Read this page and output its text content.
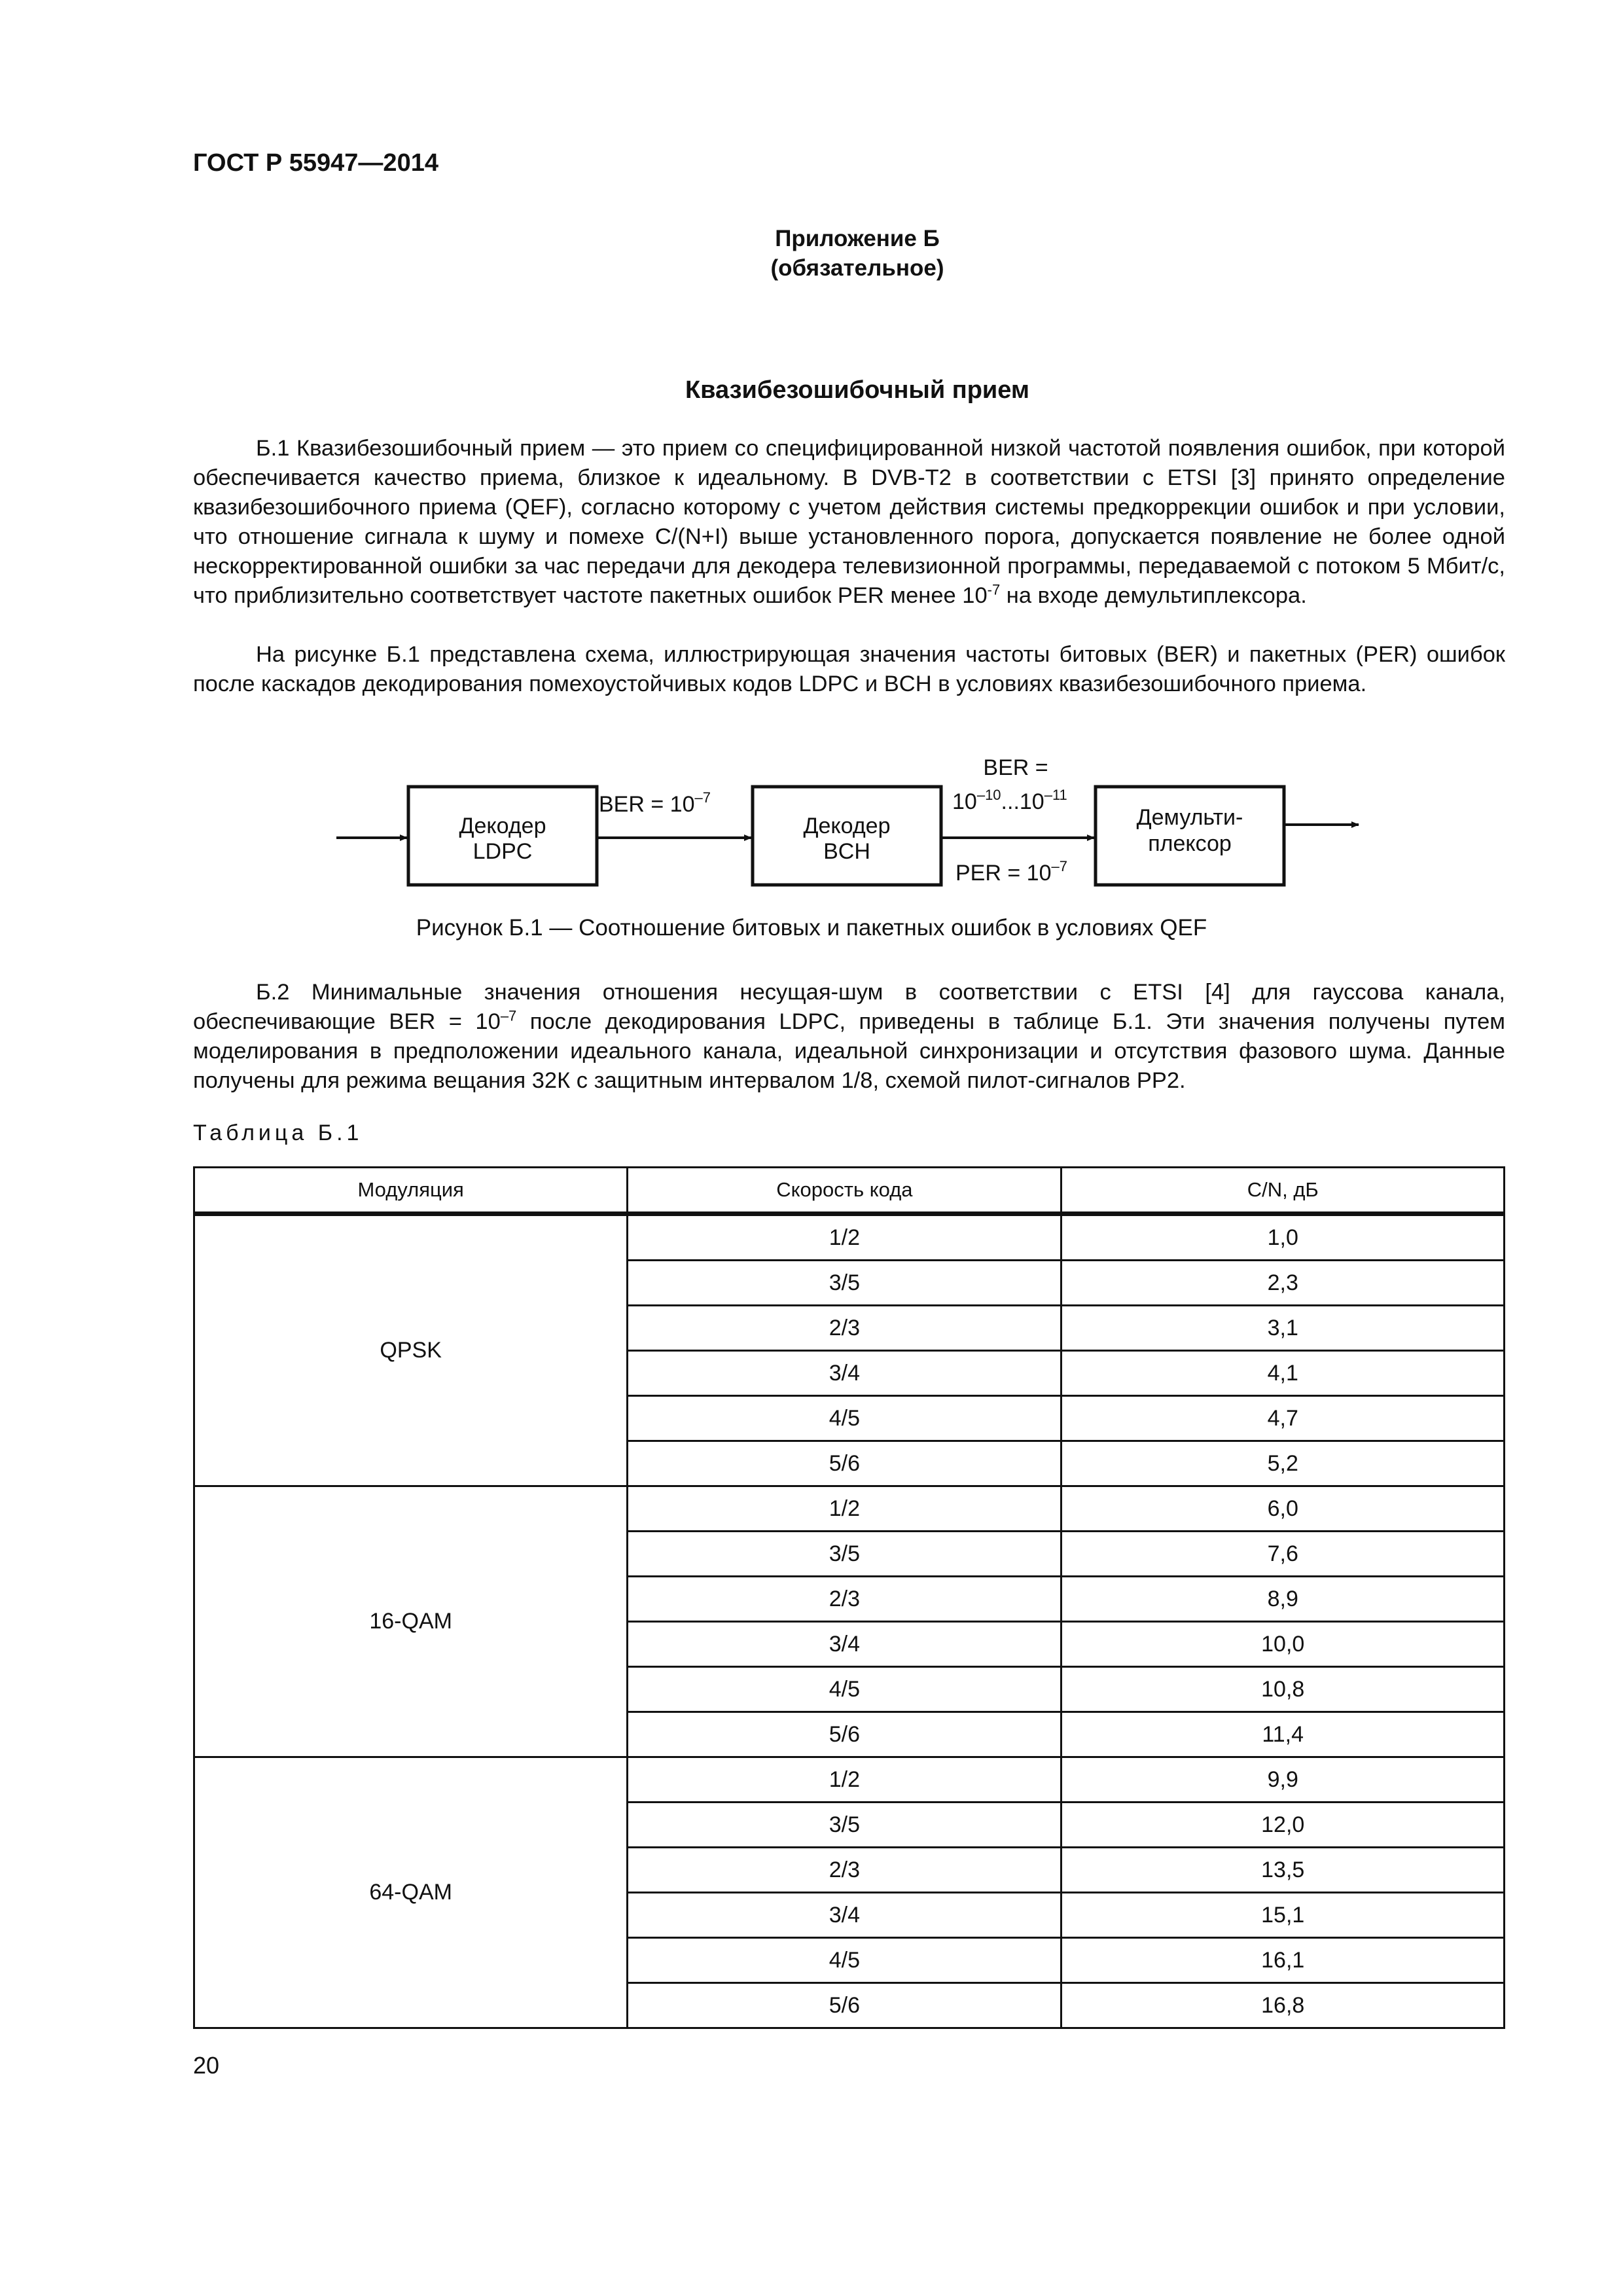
ГОСТ Р 55947—2014
Приложение Б
(обязательное)
Квазибезошибочный прием
Б.1 Квазибезошибочный прием — это прием со специфицированной низкой частотой появления ошибок, при которой обеспечивается качество приема, близкое к идеальному. В DVB-T2 в соответствии с ETSI [3] принято определение квазибезошибочного приема (QEF), согласно которому с учетом действия системы предкоррекции ошибок и при условии, что отношение сигнала к шуму и помехе C/(N+I) выше установленного порога, допускается появление не более одной нескорректированной ошибки за час передачи для декодера телевизионной программы, передаваемой с потоком 5 Мбит/с, что приблизительно соответствует частоте пакетных ошибок PER менее $10^{-7}$ на входе демультиплексора.
На рисунке Б.1 представлена схема, иллюстрирующая значения частоты битовых (BER) и пакетных (PER) ошибок после каскадов декодирования помехоустойчивых кодов LDPC и BCH в условиях квазибезошибочного приема.
Декодер
LDPC
BER = $10^{-7}$
Декодер
BCH
BER =
$10^{-10}...10^{-11}$
PER = $10^{-7}$
Демульти-
плексор
Рисунок Б.1 — Соотношение битовых и пакетных ошибок в условиях QEF
Б.2 Минимальные значения отношения несущая-шум в соответствии с ETSI [4] для гауссова канала, обеспечивающие BER = $10^{-7}$ после декодирования LDPC, приведены в таблице Б.1. Эти значения получены путем моделирования в предположении идеального канала, идеальной синхронизации и отсутствия фазового шума. Данные получены для режима вещания 32К с защитным интервалом 1/8, схемой пилот-сигналов PP2.
Таблица Б.1
Модуляция	Скорость кода	C/N, дБ
QPSK	1/2	1,0
	3/5	2,3
	2/3	3,1
	3/4	4,1
	4/5	4,7
	5/6	5,2
16-QAM	1/2	6,0
	3/5	7,6
	2/3	8,9
	3/4	10,0
	4/5	10,8
	5/6	11,4
64-QAM	1/2	9,9
	3/5	12,0
	2/3	13,5
	3/4	15,1
	4/5	16,1
	5/6	16,8
20
